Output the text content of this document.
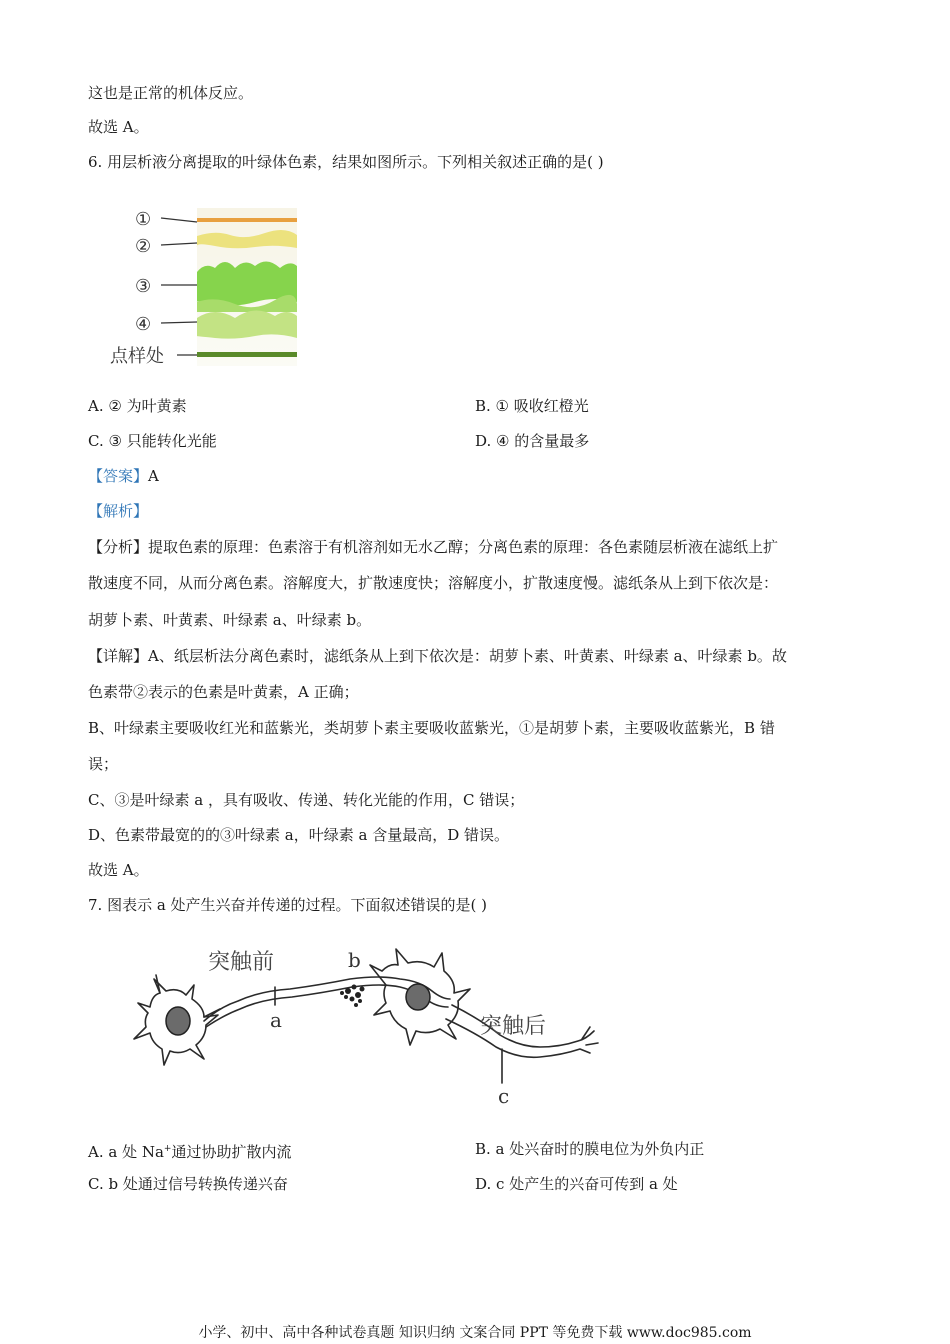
这也是正常的机体反应。
故选 A。
6. 用层析液分离提取的叶绿体色素，结果如图所示。下列相关叙述正确的是( )
①
②
③
④
点样处
A. ② 为叶黄素	B. ① 吸收红橙光
C. ③ 只能转化光能	D. ④ 的含量最多
【答案】A
【解析】
【分析】提取色素的原理：色素溶于有机溶剂如无水乙醇；分离色素的原理：各色素随层析液在滤纸上扩
散速度不同，从而分离色素。溶解度大，扩散速度快；溶解度小，扩散速度慢。滤纸条从上到下依次是：
胡萝卜素、叶黄素、叶绿素 a、叶绿素 b。
【详解】A、纸层析法分离色素时，滤纸条从上到下依次是：胡萝卜素、叶黄素、叶绿素 a、叶绿素 b。故
色素带②表示的色素是叶黄素，A 正确；
B、叶绿素主要吸收红光和蓝紫光，类胡萝卜素主要吸收蓝紫光，①是胡萝卜素，主要吸收蓝紫光，B 错
误；
C、③是叶绿素 a ，具有吸收、传递、转化光能的作用，C 错误；
D、色素带最宽的的③叶绿素 a，叶绿素 a 含量最高，D 错误。
故选 A。
7. 图表示 a 处产生兴奋并传递的过程。下面叙述错误的是( )
突触前	b
a	突触后
c
A. a 处 Na+通过协助扩散内流	B. a 处兴奋时的膜电位为外负内正
C. b 处通过信号转换传递兴奋	D. c 处产生的兴奋可传到 a 处
小学、初中、高中各种试卷真题 知识归纳 文案合同 PPT 等免费下载 www.doc985.com
